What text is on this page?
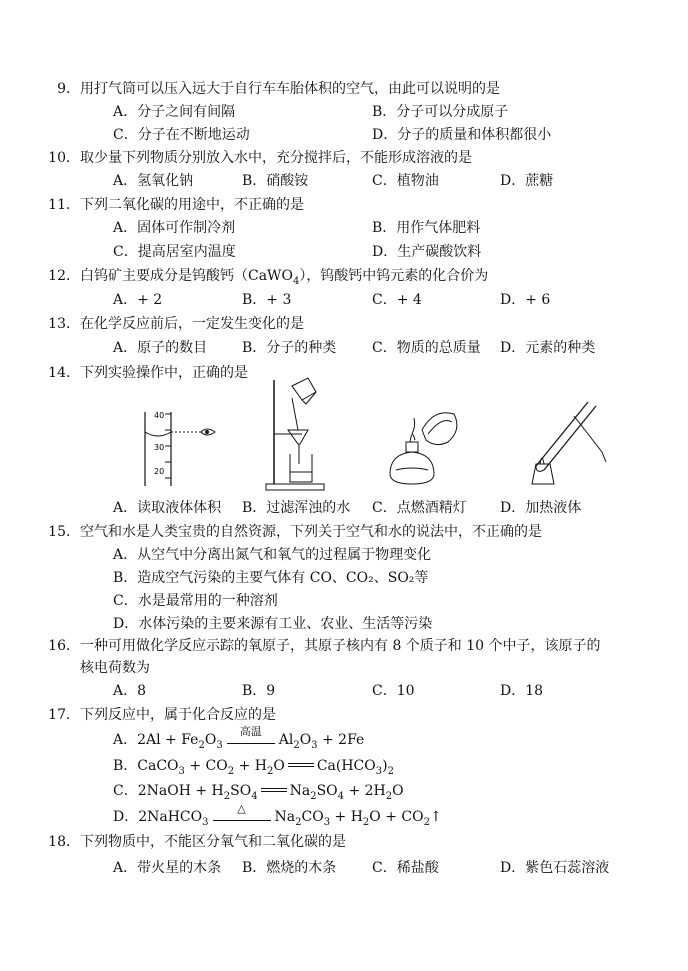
9． 用打气筒可以压入远大于自行车车胎体积的空气，由此可以说明的是
A．分子之间有间隔	B．分子可以分成原子
C．分子在不断地运动	D．分子的质量和体积都很小
10． 取少量下列物质分别放入水中，充分搅拌后，不能形成溶液的是
A．氢氧化钠	B．硝酸铵	C．植物油	D．蔗糖
11． 下列二氧化碳的用途中，不正确的是
A．固体可作制冷剂	B．用作气体肥料
C．提高居室内温度	D．生产碳酸饮料
12． 白钨矿主要成分是钨酸钙（CaWO$_4$），钨酸钙中钨元素的化合价为
A．+ 2	B．+ 3	C．+ 4	D．+ 6
13． 在化学反应前后，一定发生变化的是
A．原子的数目 B．分子的种类	C．物质的总质量 D．元素的种类
14． 下列实验操作中，正确的是
40
30
20
A．读取液体体积 B．过滤浑浊的水 C．点燃酒精灯 D．加热液体
15． 空气和水是人类宝贵的自然资源，下列关于空气和水的说法中，不正确的是
A．从空气中分离出氮气和氧气的过程属于物理变化
B．造成空气污染的主要气体有 CO、CO₂、SO₂等
C．水是最常用的一种溶剂
D．水体污染的主要来源有工业、农业、生活等污染
16． 一种可用做化学反应示踪的氧原子，其原子核内有 8 个质子和 10 个中子，该原子的
核电荷数为
A．8	B．9	C．10	D．18
17． 下列反应中，属于化合反应的是
A．$2Al + Fe_2O_3$
高温
$Al_2O_3 + 2Fe$
B．CaCO$_3$ + $CO_2 + H_2O$ $Ca(HCO_3)_2$
C．2NaOH + $H_2SO_4$ $Na_2SO_4 + 2H_2O$
D．2NaHCO$_3$
△
$Na_2CO_3 + H_2O$ + $CO_2↑$
18． 下列物质中，不能区分氧气和二氧化碳的是
A．带火星的木条 B．燃烧的木条	C．稀盐酸	D．紫色石蕊溶液
